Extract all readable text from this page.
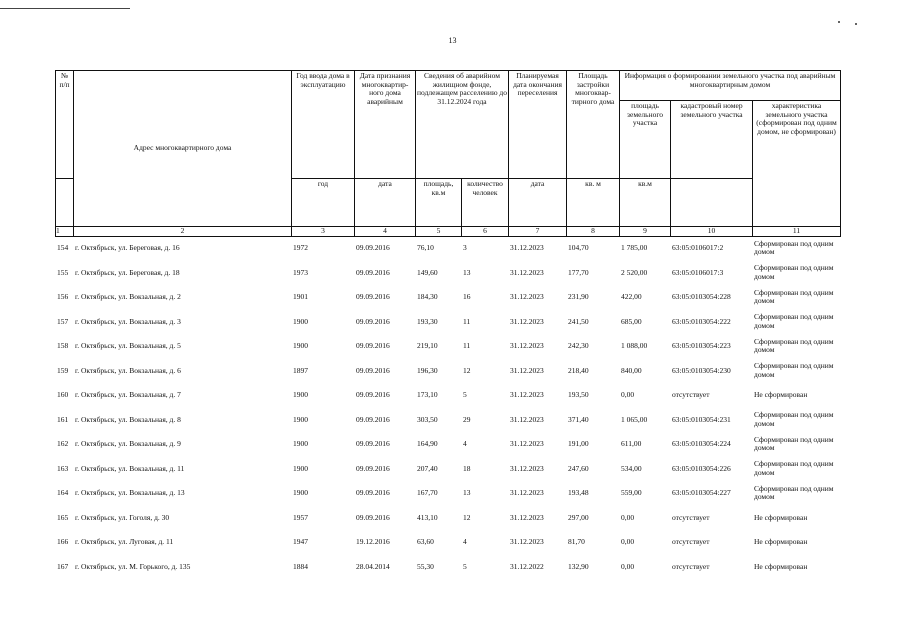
13
№ п/п	Адрес многоквартирного дома	Год ввода дома в эксплуатацию	Дата признания многоквартир-ного дома аварийным	Сведения об аварийном жилищном фонде, подлежащем расселению до 31.12.2024 года		Планируемая дата окончания переселения	Площадь застройки многоквар-тирного дома	Информация о формировании земельного участка под аварийным многоквартирным домом		
								площадь земельного участка	кадастровый номер земельного участка	характеристика земельного участка (сформирован под одним домом, не сформирован)
		год	дата	площадь, кв.м	количество человек	дата	кв. м	кв.м		
1	2	3	4	5	6	7	8	9	10	11
154	г. Октябрьск, ул. Береговая, д. 16	1972	09.09.2016	76,10	3	31.12.2023	104,70	1 785,00	63:05:0106017:2	Сформирован под одним домом
155	г. Октябрьск, ул. Береговая, д. 18	1973	09.09.2016	149,60	13	31.12.2023	177,70	2 520,00	63:05:0106017:3	Сформирован под одним домом
156	г. Октябрьск, ул. Вокзальная, д. 2	1901	09.09.2016	184,30	16	31.12.2023	231,90	422,00	63:05:0103054:228	Сформирован под одним домом
157	г. Октябрьск, ул. Вокзальная, д. 3	1900	09.09.2016	193,30	11	31.12.2023	241,50	685,00	63:05:0103054:222	Сформирован под одним домом
158	г. Октябрьск, ул. Вокзальная, д. 5	1900	09.09.2016	219,10	11	31.12.2023	242,30	1 088,00	63:05:0103054:223	Сформирован под одним домом
159	г. Октябрьск, ул. Вокзальная, д. 6	1897	09.09.2016	196,30	12	31.12.2023	218,40	840,00	63:05:0103054:230	Сформирован под одним домом
160	г. Октябрьск, ул. Вокзальная, д. 7	1900	09.09.2016	173,10	5	31.12.2023	193,50	0,00	отсутствует	Не сформирован
161	г. Октябрьск, ул. Вокзальная, д. 8	1900	09.09.2016	303,50	29	31.12.2023	371,40	1 065,00	63:05:0103054:231	Сформирован под одним домом
162	г. Октябрьск, ул. Вокзальная, д. 9	1900	09.09.2016	164,90	4	31.12.2023	191,00	611,00	63:05:0103054:224	Сформирован под одним домом
163	г. Октябрьск, ул. Вокзальная, д. 11	1900	09.09.2016	207,40	18	31.12.2023	247,60	534,00	63:05:0103054:226	Сформирован под одним домом
164	г. Октябрьск, ул. Вокзальная, д. 13	1900	09.09.2016	167,70	13	31.12.2023	193,48	559,00	63:05:0103054:227	Сформирован под одним домом
165	г. Октябрьск, ул. Гоголя, д. 30	1957	09.09.2016	413,10	12	31.12.2023	297,00	0,00	отсутствует	Не сформирован
166	г. Октябрьск, ул. Луговая, д. 11	1947	19.12.2016	63,60	4	31.12.2023	81,70	0,00	отсутствует	Не сформирован
167	г. Октябрьск, ул. М. Горького, д. 135	1884	28.04.2014	55,30	5	31.12.2022	132,90	0,00	отсутствует	Не сформирован
